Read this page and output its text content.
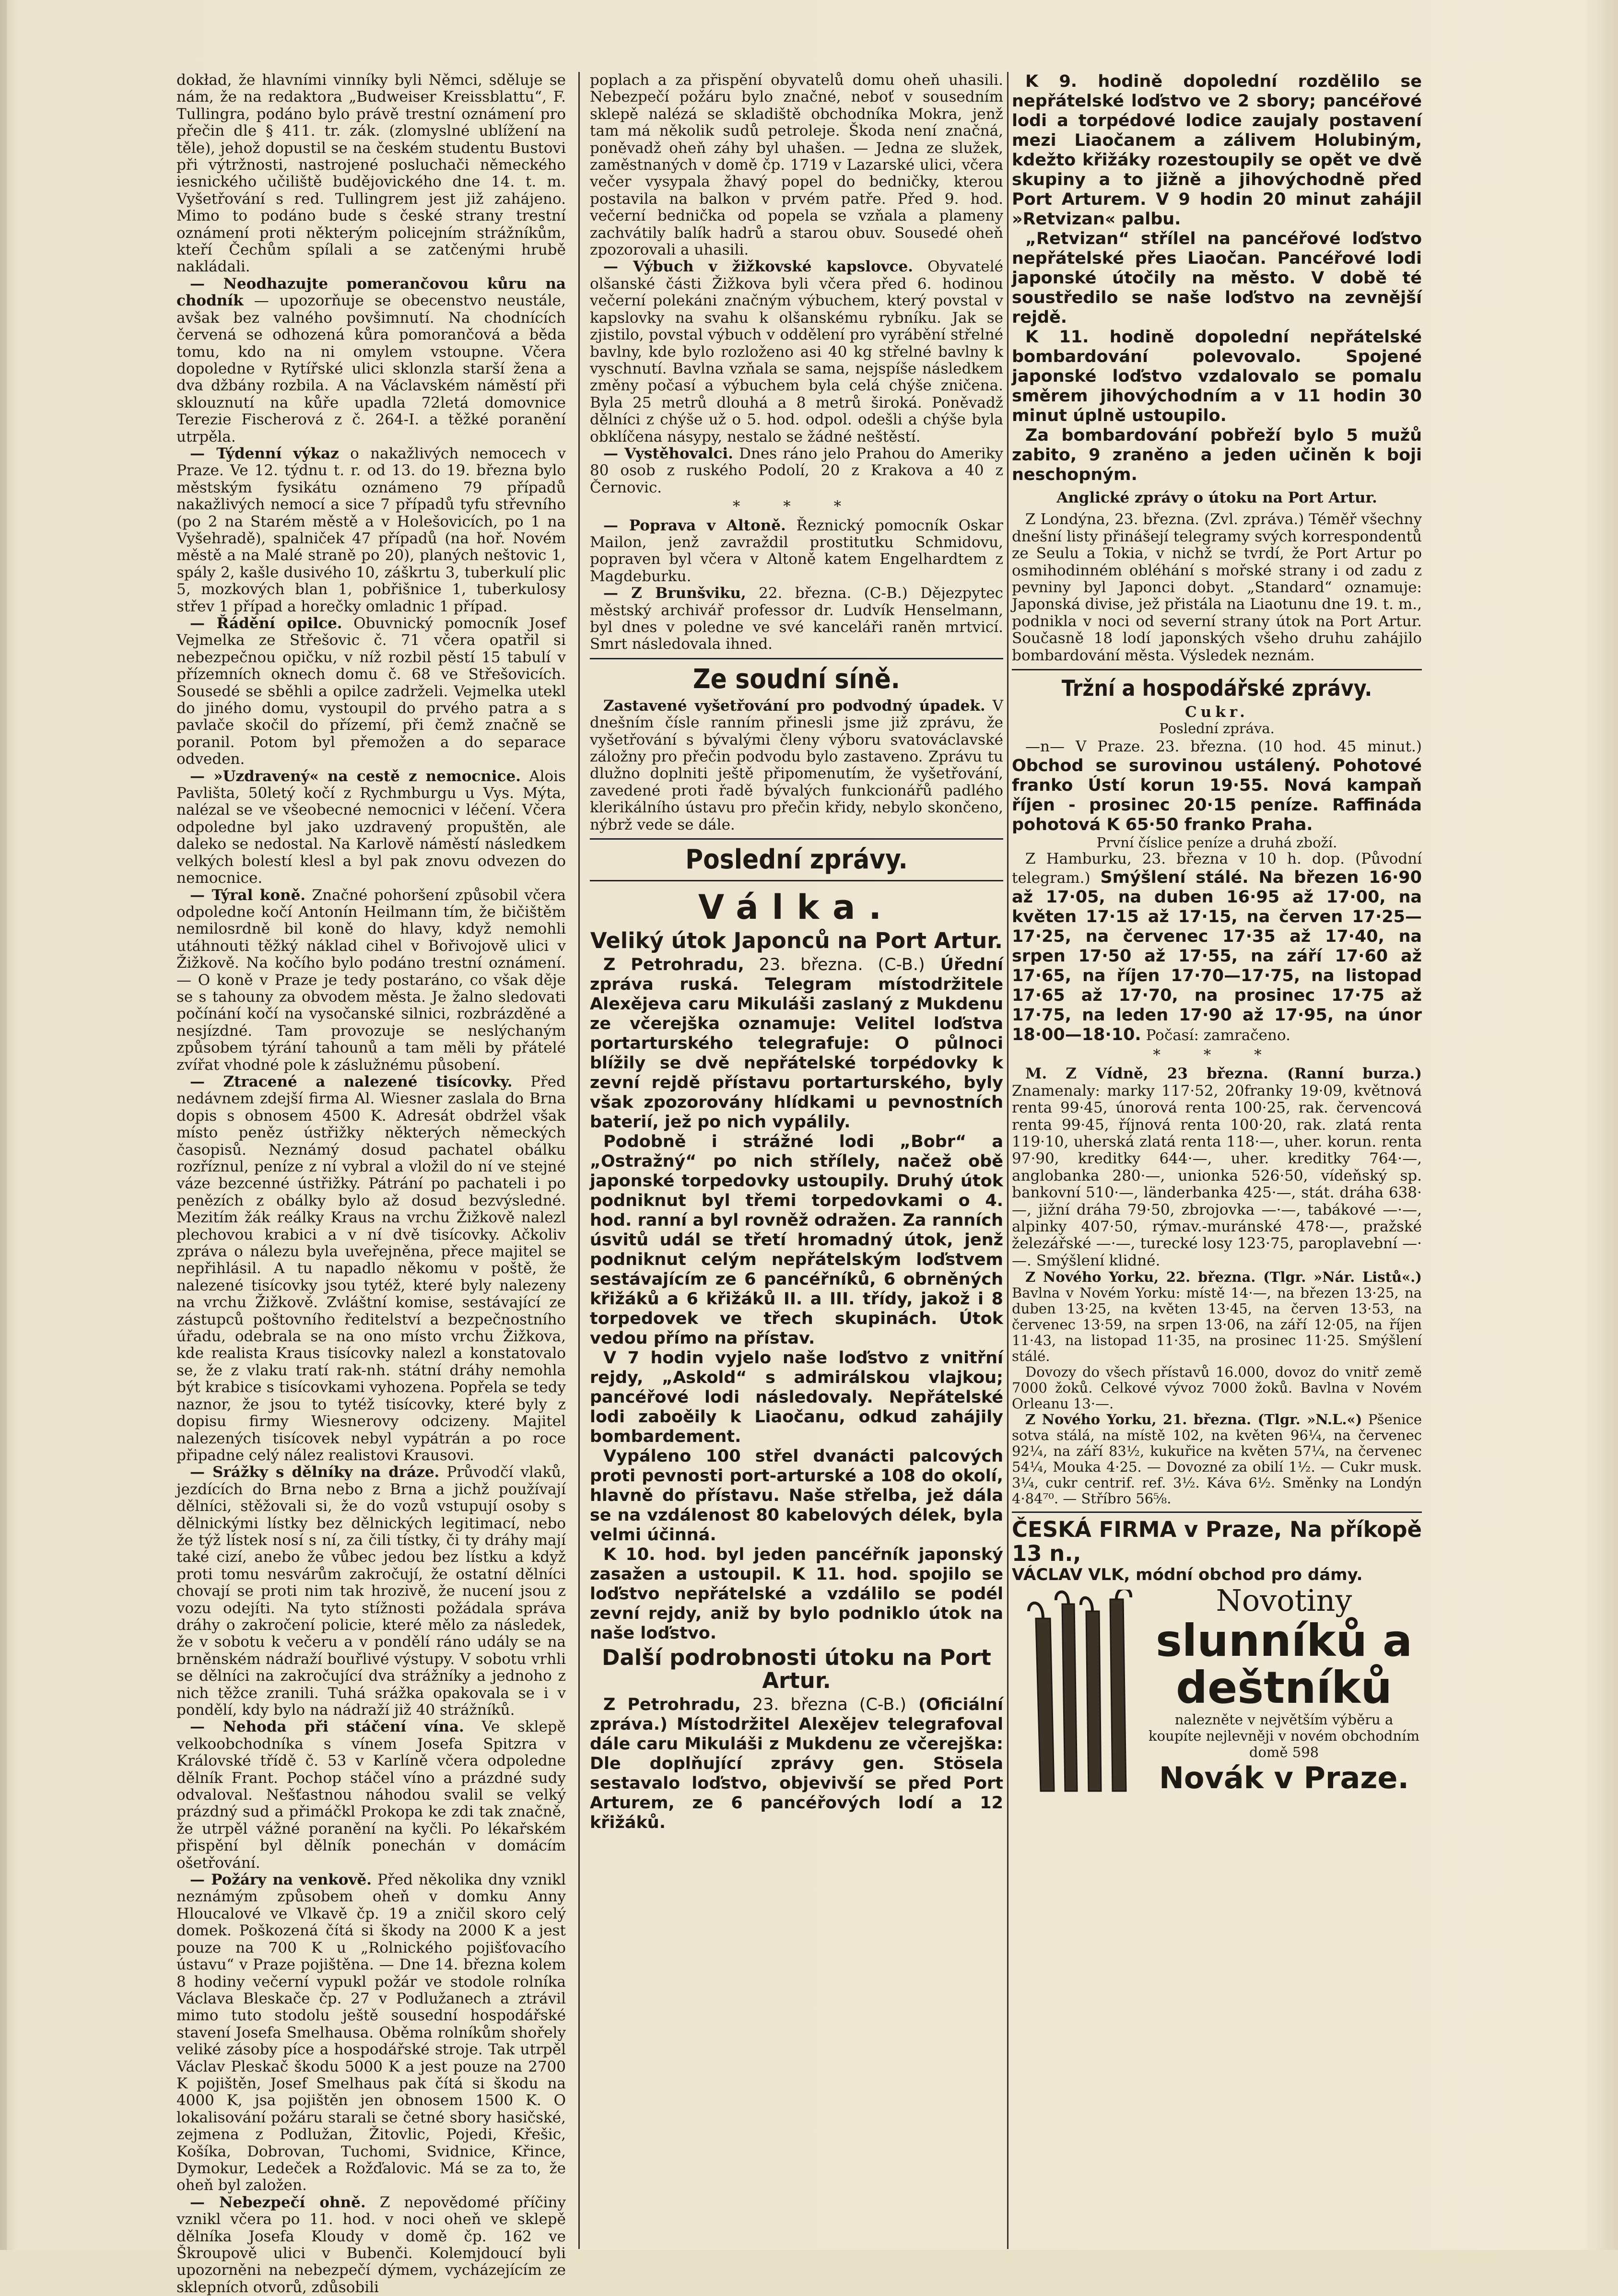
dokład, že hlavními vinníky byli Němci, sděluje se nám, že na redaktora „Budweiser Kreissblattu“, F. Tullingra, podáno bylo právě trestní oznámení pro přečin dle § 411. tr. zák. (zlomyslné ublížení na těle), jehož dopustil se na českém studentu Bustovi při výtržnosti, nastrojené posluchači německého iesnického učiliště budějovického dne 14. t. m. Vyšetřování s red. Tullingrem jest již zahájeno. Mimo to podáno bude s české strany trestní oznámení proti některým policejním strážníkům, kteří Čechům spílali a se zatčenými hrubě nakládali.

— Neodhazujte pomerančovou kůru na chodník — upozorňuje se obecenstvo neustále, avšak bez valného povšimnutí. Na chodnících červená se odhozená kůra pomorančová a běda tomu, kdo na ni omylem vstoupne. Včera dopoledne v Rytířské ulici sklonzla starší žena a dva džbány rozbila. A na Václavském náměstí při sklouznutí na kůře upadla 72letá domovnice Terezie Fischerová z č. 264-I. a těžké poranění utrpěla.

— Týdenní výkaz o nakažlivých nemocech v Praze. Ve 12. týdnu t. r. od 13. do 19. března bylo městským fysikátu oznámeno 79 případů nakažlivých nemocí a sice 7 případů tyfu střevního (po 2 na Starém městě a v Holešovicích, po 1 na Vyšehradě), spalniček 47 případů (na hoř. Novém městě a na Malé straně po 20), planých neštovic 1, spály 2, kašle dusivého 10, záškrtu 3, tuberkulí plic 5, mozkových blan 1, pobřišnice 1, tuberkulosy střev 1 případ a horečky omladnic 1 případ.

— Řádění opilce. Obuvnický pomocník Josef Vejmelka ze Střešovic č. 71 včera opatřil si nebezpečnou opičku, v níž rozbil pěstí 15 tabulí v přízemních oknech domu č. 68 ve Střešovicích. Sousedé se sběhli a opilce zadrželi. Vejmelka utekl do jiného domu, vystoupil do prvého patra a s pavlače skočil do přízemí, při čemž značně se poranil. Potom byl přemožen a do separace odveden.

— »Uzdravený« na cestě z nemocnice. Alois Pavlišta, 50letý kočí z Rychmburgu u Vys. Mýta, nalézal se ve všeobecné nemocnici v léčení. Včera odpoledne byl jako uzdravený propuštěn, ale daleko se nedostal. Na Karlově náměstí následkem velkých bolestí klesl a byl pak znovu odvezen do nemocnice.

— Týral koně. Značné pohoršení způsobil včera odpoledne kočí Antonín Heilmann tím, že bičištěm nemilosrdně bil koně do hlavy, když nemohli utáhnouti těžký náklad cihel v Bořivojově ulici v Žižkově. Na kočího bylo podáno trestní oznámení. — O koně v Praze je tedy postaráno, co však děje se s tahouny za obvodem města. Je žalno sledovati počínání kočí na vysočanské silnici, rozbrázděné a nesjízdné. Tam provozuje se neslýchaným způsobem týrání tahounů a tam měli by přátelé zvířat vhodné pole k záslužnému působení.

— Ztracené a nalezené tisícovky. Před nedávnem zdejší firma Al. Wiesner zaslala do Brna dopis s obnosem 4500 K. Adresát obdržel však místo peněz ústřižky některých německých časopisů. Neznámý dosud pachatel obálku rozříznul, peníze z ní vybral a vložil do ní ve stejné váze bezcenné ústřižky. Pátrání po pachateli i po penězích z obálky bylo až dosud bezvýsledné. Mezitím žák reálky Kraus na vrchu Žižkově nalezl plechovou krabici a v ní dvě tisícovky. Ačkoliv zpráva o nálezu byla uveřejněna, přece majitel se nepřihlásil. A tu napadlo někomu v poště, že nalezené tisícovky jsou tytéž, které byly nalezeny na vrchu Žižkově. Zvláštní komise, sestávající ze zástupců poštovního ředitelství a bezpečnostního úřadu, odebrala se na ono místo vrchu Žižkova, kde realista Kraus tisícovky nalezl a konstatovalo se, že z vlaku tratí rak-nh. státní dráhy nemohla být krabice s tisícovkami vyhozena. Popřela se tedy naznor, že jsou to tytéž tisícovky, které byly z dopisu firmy Wiesnerovy odcizeny. Majitel nalezených tisícovek nebyl vypátrán a po roce připadne celý nález realistovi Krausovi.

— Srážky s dělníky na dráze. Průvodčí vlaků, jezdících do Brna nebo z Brna a jichž používají dělníci, stěžovali si, že do vozů vstupují osoby s dělnickými lístky bez dělnických legitimací, nebo že týž lístek nosí s ní, za čili tístky, či ty dráhy mají také cizí, anebo že vůbec jedou bez lístku a když proti tomu nesvárům zakročují, že ostatní dělníci chovají se proti nim tak hrozivě, že nucení jsou z vozu odejíti. Na tyto stížnosti požádala správa dráhy o zakročení policie, které mělo za následek, že v sobotu k večeru a v pondělí ráno udály se na brněnském nádraží bouřlivé výstupy. V sobotu vrhli se dělníci na zakročující dva strážníky a jednoho z nich těžce zranili. Tuhá srážka opakovala se i v pondělí, kdy bylo na nádraží již 40 strážníků.

— Nehoda při stáčení vína. Ve sklepě velkoobchodníka s vínem Josefa Spitzra v Královské třídě č. 53 v Karlíně včera odpoledne dělník Frant. Pochop stáčel víno a prázdné sudy odvaloval. Nešťastnou náhodou svalil se velký prázdný sud a přimáčkl Prokopa ke zdi tak značně, že utrpěl vážné poranění na kyčli. Po lékařském přispění byl dělník ponechán v domácím ošetřování.

— Požáry na venkově. Před několika dny vznikl neznámým způsobem oheň v domku Anny Hloucalové ve Vlkavě čp. 19 a zničil skoro celý domek. Poškozená čítá si škody na 2000 K a jest pouze na 700 K u „Rolnického pojišťovacího ústavu“ v Praze pojištěna. — Dne 14. března kolem 8 hodiny večerní vypukl požár ve stodole rolníka Václava Bleskače čp. 27 v Podlužanech a ztrávil mimo tuto stodolu ještě sousední hospodářské stavení Josefa Smelhausa. Oběma rolníkům shořely veliké zásoby píce a hospodářské stroje. Tak utrpěl Václav Pleskač škodu 5000 K a jest pouze na 2700 K pojištěn, Josef Smelhaus pak čítá si škodu na 4000 K, jsa pojištěn jen obnosem 1500 K. O lokalisování požáru starali se četné sbory hasičské, zejmena z Podlužan, Žitovlic, Pojedi, Křešic, Košíka, Dobrovan, Tuchomi, Svidnice, Křince, Dymokur, Ledeček a Rožďalovic. Má se za to, že oheň byl založen.

— Nebezpečí ohně. Z nepovědomé příčiny vznikl včera po 11. hod. v noci oheň ve sklepě dělníka Josefa Kloudy v domě čp. 162 ve Škroupově ulici v Bubenči. Kolemjdoucí byli upozorněni na nebezpečí dýmem, vycházejícím ze sklepních otvorů, zdůsobili

poplach a za přispění obyvatelů domu oheň uhasili. Nebezpečí požáru bylo značné, neboť v sousedním sklepě nalézá se skladiště obchodníka Mokra, jenž tam má několik sudů petroleje. Škoda není značná, poněvadž oheň záhy byl uhašen. — Jedna ze služek, zaměstnaných v domě čp. 1719 v Lazarské ulici, včera večer vysypala žhavý popel do bedničky, kterou postavila na balkon v prvém patře. Před 9. hod. večerní bednička od popela se vzňala a plameny zachvátily balík hadrů a starou obuv. Sousedé oheň zpozorovali a uhasili.

— Výbuch v žižkovské kapslovce. Obyvatelé olšanské části Žižkova byli včera před 6. hodinou večerní polekáni značným výbuchem, který povstal v kapslovky na svahu k olšanskému rybníku. Jak se zjistilo, povstal výbuch v oddělení pro vyrábění střelné bavlny, kde bylo rozloženo asi 40 kg střelné bavlny k vyschnutí. Bavlna vzňala se sama, nejspíše následkem změny počasí a výbuchem byla celá chýše zničena. Byla 25 metrů dlouhá a 8 metrů široká. Poněvadž dělníci z chýše už o 5. hod. odpol. odešli a chýše byla obklíčena násypy, nestalo se žádné neštěstí.

— Vystěhovalci. Dnes ráno jelo Prahou do Ameriky 80 osob z ruského Podolí, 20 z Krakova a 40 z Černovic.

* * *

— Poprava v Altoně. Řeznický pomocník Oskar Mailon, jenž zavraždil prostitutku Schmidovu, popraven byl včera v Altoně katem Engelhardtem z Magdeburku.

— Z Brunšviku, 22. března. (C-B.) Dějezpytec městský archivář professor dr. Ludvík Henselmann, byl dnes v poledne ve své kanceláři raněn mrtvicí. Smrt následovala ihned.

Ze soudní síně.

Zastavené vyšetřování pro podvodný úpadek. V dnešním čísle ranním přinesli jsme již zprávu, že vyšetřování s bývalými členy výboru svatováclavské záložny pro přečin podvodu bylo zastaveno. Zprávu tu dlužno doplniti ještě připomenutím, že vyšetřování, zavedené proti řadě bývalých funkcionářů padlého klerikálního ústavu pro přečin křidy, nebylo skončeno, nýbrž vede se dále.

Poslední zprávy.
Válka.
Veliký útok Japonců na Port Artur.

Z Petrohradu, 23. března. (C-B.) Úřední zpráva ruská. Telegram místodržitele Alexějeva caru Mikuláši zaslaný z Mukdenu ze včerejška oznamuje: Velitel loďstva portarturského telegrafuje: O půlnoci blížily se dvě nepřátelské torpédovky k zevní rejdě přístavu portarturského, byly však zpozorovány hlídkami u pevnostních baterií, jež po nich vypálily.

Podobně i strážné lodi „Bobr“ a „Ostražný“ po nich střílely, načež obě japonské torpedovky ustoupily. Druhý útok podniknut byl třemi torpedovkami o 4. hod. ranní a byl rovněž odražen. Za ranních úsvitů udál se třetí hromadný útok, jenž podniknut celým nepřátelským loďstvem sestávajícím ze 6 pancéřníků, 6 obrněných křižáků a 6 křižáků II. a III. třídy, jakož i 8 torpedovek ve třech skupinách. Útok vedou přímo na přístav.

V 7 hodin vyjelo naše loďstvo z vnitřní rejdy, „Askold“ s admirálskou vlajkou; pancéřové lodi následovaly. Nepřátelské lodi zaboěily k Liaočanu, odkud zahájily bombardement.

Vypáleno 100 střel dvanácti palcových proti pevnosti port-arturské a 108 do okolí, hlavně do přístavu. Naše střelba, jež dála se na vzdálenost 80 kabelových délek, byla velmi účinná.

K 10. hod. byl jeden pancéřník japonský zasažen a ustoupil. K 11. hod. spojilo se loďstvo nepřátelské a vzdálilo se podél zevní rejdy, aniž by bylo podniklo útok na naše loďstvo.

Další podrobnosti útoku na Port Artur.

Z Petrohradu, 23. března (C-B.) (Oficiální zpráva.) Místodržitel Alexějev telegrafoval dále caru Mikuláši z Mukdenu ze včerejška: Dle doplňující zprávy gen. Stösela sestavalo loďstvo, objevivší se před Port Arturem, ze 6 pancéřových lodí a 12 křižáků.

K 9. hodině dopolední rozdělilo se nepřátelské loďstvo ve 2 sbory; pancéřové lodi a torpédové lodice zaujaly postavení mezi Liaočanem a zálivem Holubiným, kdežto křižáky rozestoupily se opět ve dvě skupiny a to jižně a jihovýchodně před Port Arturem. V 9 hodin 20 minut zahájil »Retvizan« palbu.

„Retvizan“ střílel na pancéřové loďstvo nepřátelské přes Liaočan. Pancéřové lodi japonské útočily na město. V době té soustředilo se naše loďstvo na zevnější rejdě.

K 11. hodině dopolední nepřátelské bombardování polevovalo. Spojené japonské loďstvo vzdalovalo se pomalu směrem jihovýchodním a v 11 hodin 30 minut úplně ustoupilo.

Za bombardování pobřeží bylo 5 mužů zabito, 9 zraněno a jeden učiněn k boji neschopným.

Anglické zprávy o útoku na Port Artur.

Z Londýna, 23. března. (Zvl. zpráva.) Téměř všechny dnešní listy přinášejí telegramy svých korrespondentů ze Seulu a Tokia, v nichž se tvrdí, že Port Artur po osmihodinném obléhání s mořské strany i od zadu z pevniny byl Japonci dobyt. „Standard“ oznamuje: Japonská divise, jež přistála na Liaotunu dne 19. t. m., podnikla v noci od severní strany útok na Port Artur. Současně 18 lodí japonských všeho druhu zahájilo bombardování města. Výsledek neznám.

Tržní a hospodářské zprávy.
Cukr.
Poslední zpráva.

—n— V Praze. 23. března. (10 hod. 45 minut.) Obchod se surovinou ustálený. Pohotové franko Ústí korun 19·55. Nová kampaň říjen - prosinec 20·15 peníze. Raffináda pohotová K 65·50 franko Praha.

První číslice peníze a druhá zboží.

Z Hamburku, 23. března v 10 h. dop. (Původní telegram.) Smýšlení stálé. Na březen 16·90 až 17·05, na duben 16·95 až 17·00, na květen 17·15 až 17·15, na červen 17·25—17·25, na červenec 17·35 až 17·40, na srpen 17·50 až 17·55, na září 17·60 až 17·65, na říjen 17·70—17·75, na listopad 17·65 až 17·70, na prosinec 17·75 až 17·75, na leden 17·90 až 17·95, na únor 18·00—18·10. Počasí: zamračeno.

* * *

M. Z Vídně, 23 března. (Ranní burza.) Znamenaly: marky 117·52, 20franky 19·09, květnová renta 99·45, únorová renta 100·25, rak. červencová renta 99·45, říjnová renta 100·20, rak. zlatá renta 119·10, uherská zlatá renta 118·—, uher. korun. renta 97·90, kreditky 644·—, uher. kreditky 764·—, anglobanka 280·—, unionka 526·50, vídeňský sp. bankovní 510·—, länderbanka 425·—, stát. dráha 638·—, jižní dráha 79·50, zbrojovka —·—, tabákové —·—, alpinky 407·50, rýmav.-muránské 478·—, pražské železářské —·—, turecké losy 123·75, paroplavební —·—. Smýšlení klidné.

Z Nového Yorku, 22. března. (Tlgr. »Nár. Listů«.) Bavlna v Novém Yorku: místě 14·—, na březen 13·25, na duben 13·25, na květen 13·45, na červen 13·53, na červenec 13·59, na srpen 13·06, na září 12·05, na říjen 11·43, na listopad 11·35, na prosinec 11·25. Smýšlení stálé.

Dovozy do všech přístavů 16.000, dovoz do vnitř země 7000 žoků. Celkové vývoz 7000 žoků. Bavlna v Novém Orleanu 13·—.

Z Nového Yorku, 21. března. (Tlgr. »N.L.«) Pšenice sotva stálá, na místě 102, na květen 96¼, na červenec 92¼, na září 83½, kukuřice na květen 57¼, na červenec 54¼, Mouka 4·25. — Dovozné za obilí 1½. — Cukr musk. 3¼, cukr centrif. ref. 3½. Káva 6½. Směnky na Londýn 4·84⁷⁰. — Stříbro 56⅝.

ČESKÁ FIRMA v Praze, Na příkopě 13 n.,
VÁCLAV VLK, módní obchod pro dámy.
Novotiny
slunníků a
deštníků
nalezněte v největším výběru a koupíte nejlevněji v novém obchodním domě 598
Novák v Praze.
